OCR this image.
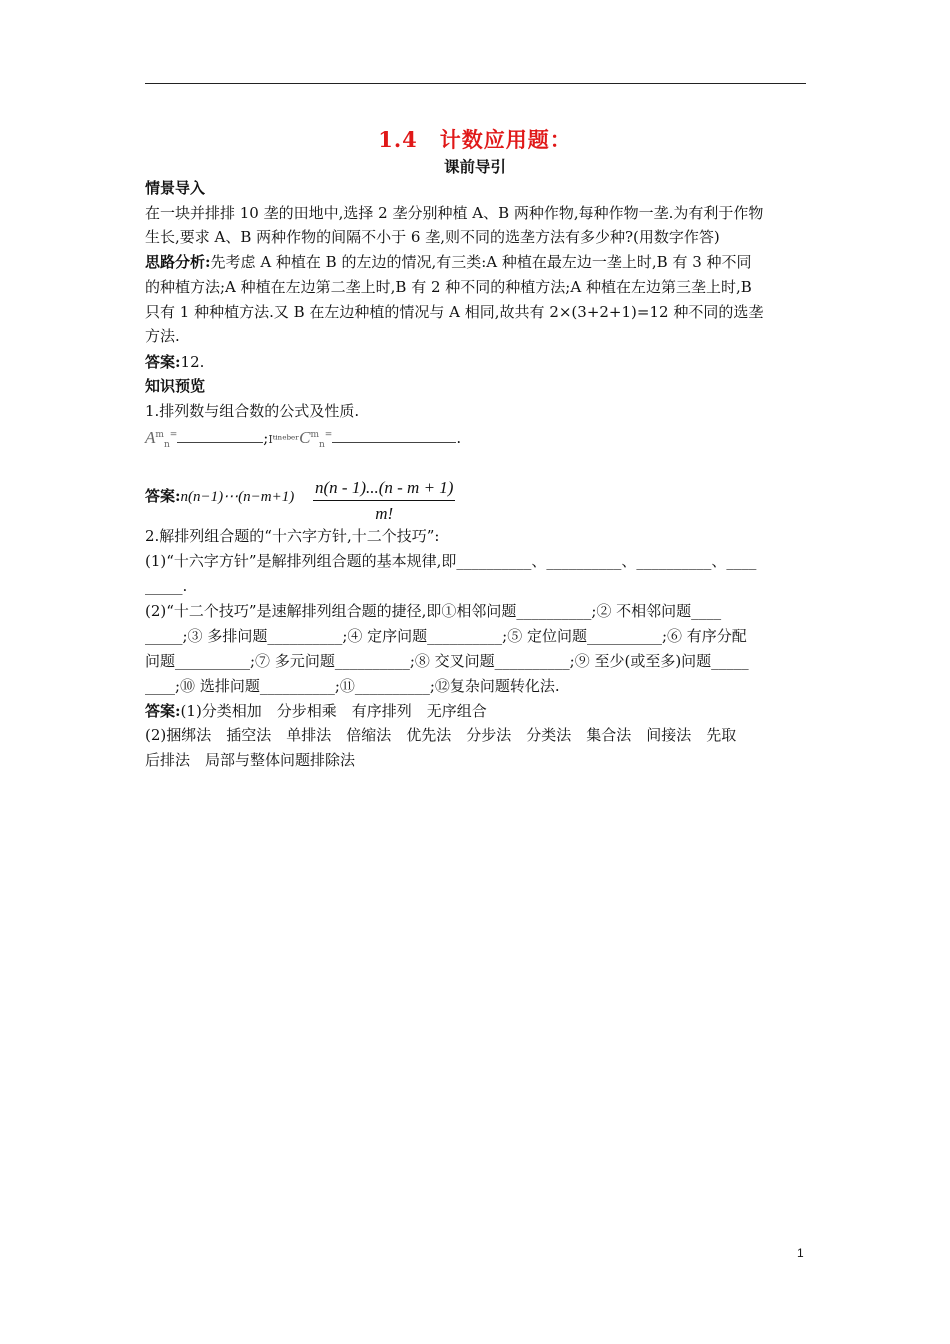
1.4　计数应用题：
课前导引
情景导入
在一块并排排 10 垄的田地中,选择 2 垄分别种植 A、B 两种作物,每种作物一垄.为有利于作物
生长,要求 A、B 两种作物的间隔不小于 6 垄,则不同的选垄方法有多少种?(用数字作答)
思路分析:先考虑 A 种植在 B 的左边的情况,有三类:A 种植在最左边一垄上时,B 有 3 种不同
的种植方法;A 种植在左边第二垄上时,B 有 2 种不同的种植方法;A 种植在左边第三垄上时,B
只有 1 种种植方法.又 B 在左边种植的情况与 A 相同,故共有 2×(3+2+1)=12 种不同的选垄
方法.
答案:12.
知识预览
1.排列数与组合数的公式及性质.
$A^m_n^=$	;IᵗⁱⁿᵉᵇᵉʳC$^m_n$=	.
答案:n(n−1)⋯(n−m+1)	$\frac{n(n - 1)...(n - m + 1)}{m!}$
2.解排列组合题的“十六字方针,十二个技巧”:
(1)“十六字方针”是解排列组合题的基本规律,即__________、__________、__________、____
_____.
(2)“十二个技巧”是速解排列组合题的捷径,即①相邻问题__________;② 不相邻问题____
_____;③ 多排问题__________;④ 定序问题__________;⑤ 定位问题__________;⑥ 有序分配
问题__________;⑦ 多元问题__________;⑧ 交叉问题__________;⑨ 至少(或至多)问题_____
____;⑩ 选排问题__________;⑪__________;⑫复杂问题转化法.
答案:(1)分类相加　分步相乘　有序排列　无序组合
(2)捆绑法　插空法　单排法　倍缩法　优先法　分步法　分类法　集合法　间接法　先取
后排法　局部与整体问题排除法
1
